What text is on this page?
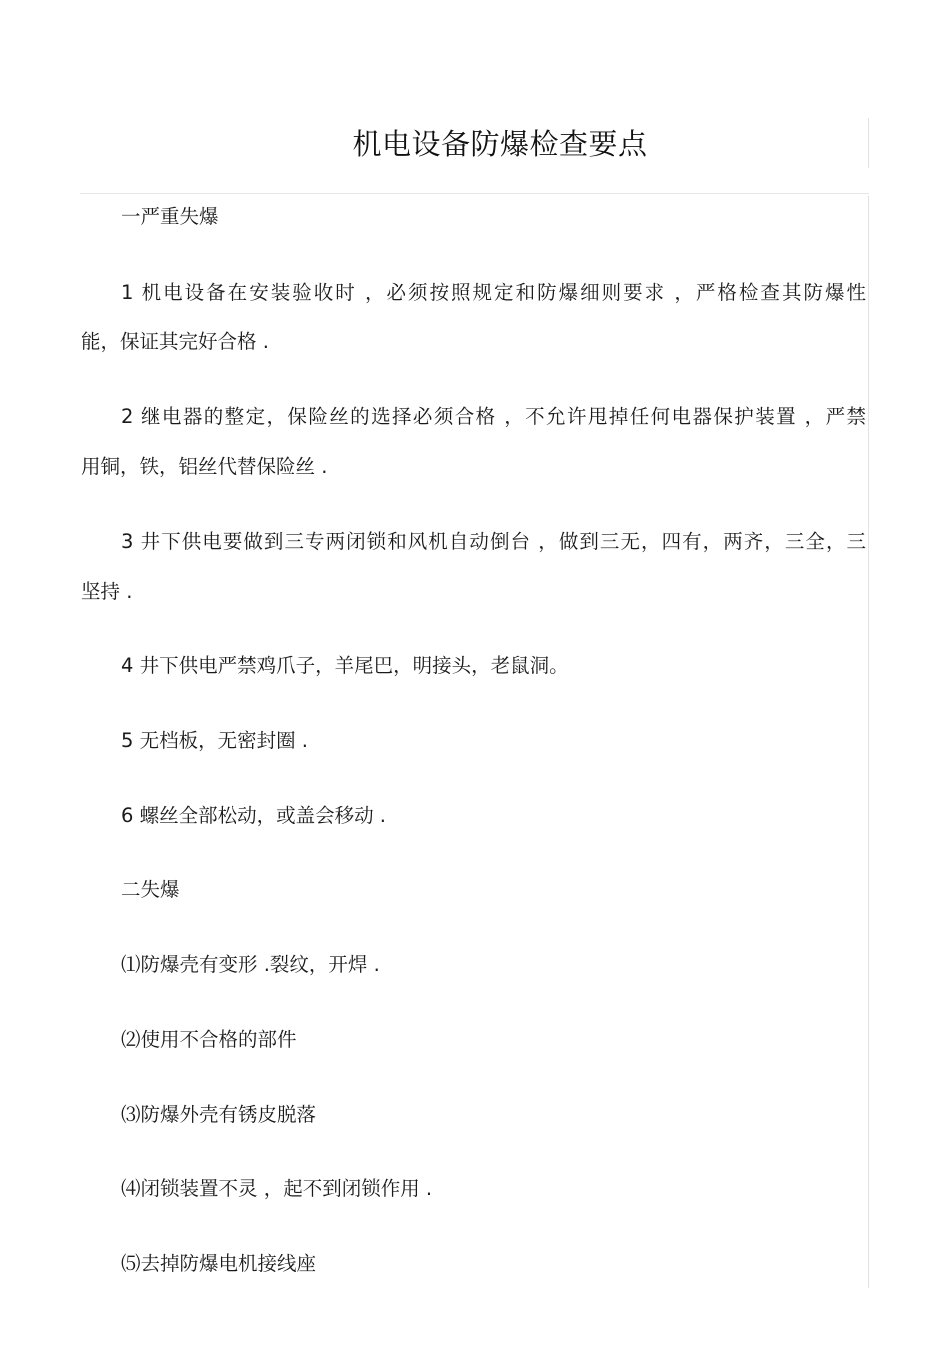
机电设备防爆检查要点
一严重失爆
1 机电设备在安装验收时 ，必须按照规定和防爆细则要求 ，严格检查其防爆性
能，保证其完好合格 .
2 继电器的整定，保险丝的选择必须合格 ，不允许甩掉任何电器保护装置 ，严禁
用铜，铁，铝丝代替保险丝 .
3 井下供电要做到三专两闭锁和风机自动倒台 ，做到三无，四有，两齐，三全，三
坚持 .
4 井下供电严禁鸡爪子，羊尾巴，明接头，老鼠洞。
5 无档板，无密封圈 .
6 螺丝全部松动，或盖会移动 .
二失爆
⑴防爆壳有变形 .裂纹，开焊 .
⑵使用不合格的部件
⑶防爆外壳有锈皮脱落
⑷闭锁装置不灵 ，起不到闭锁作用 .
⑸去掉防爆电机接线座
